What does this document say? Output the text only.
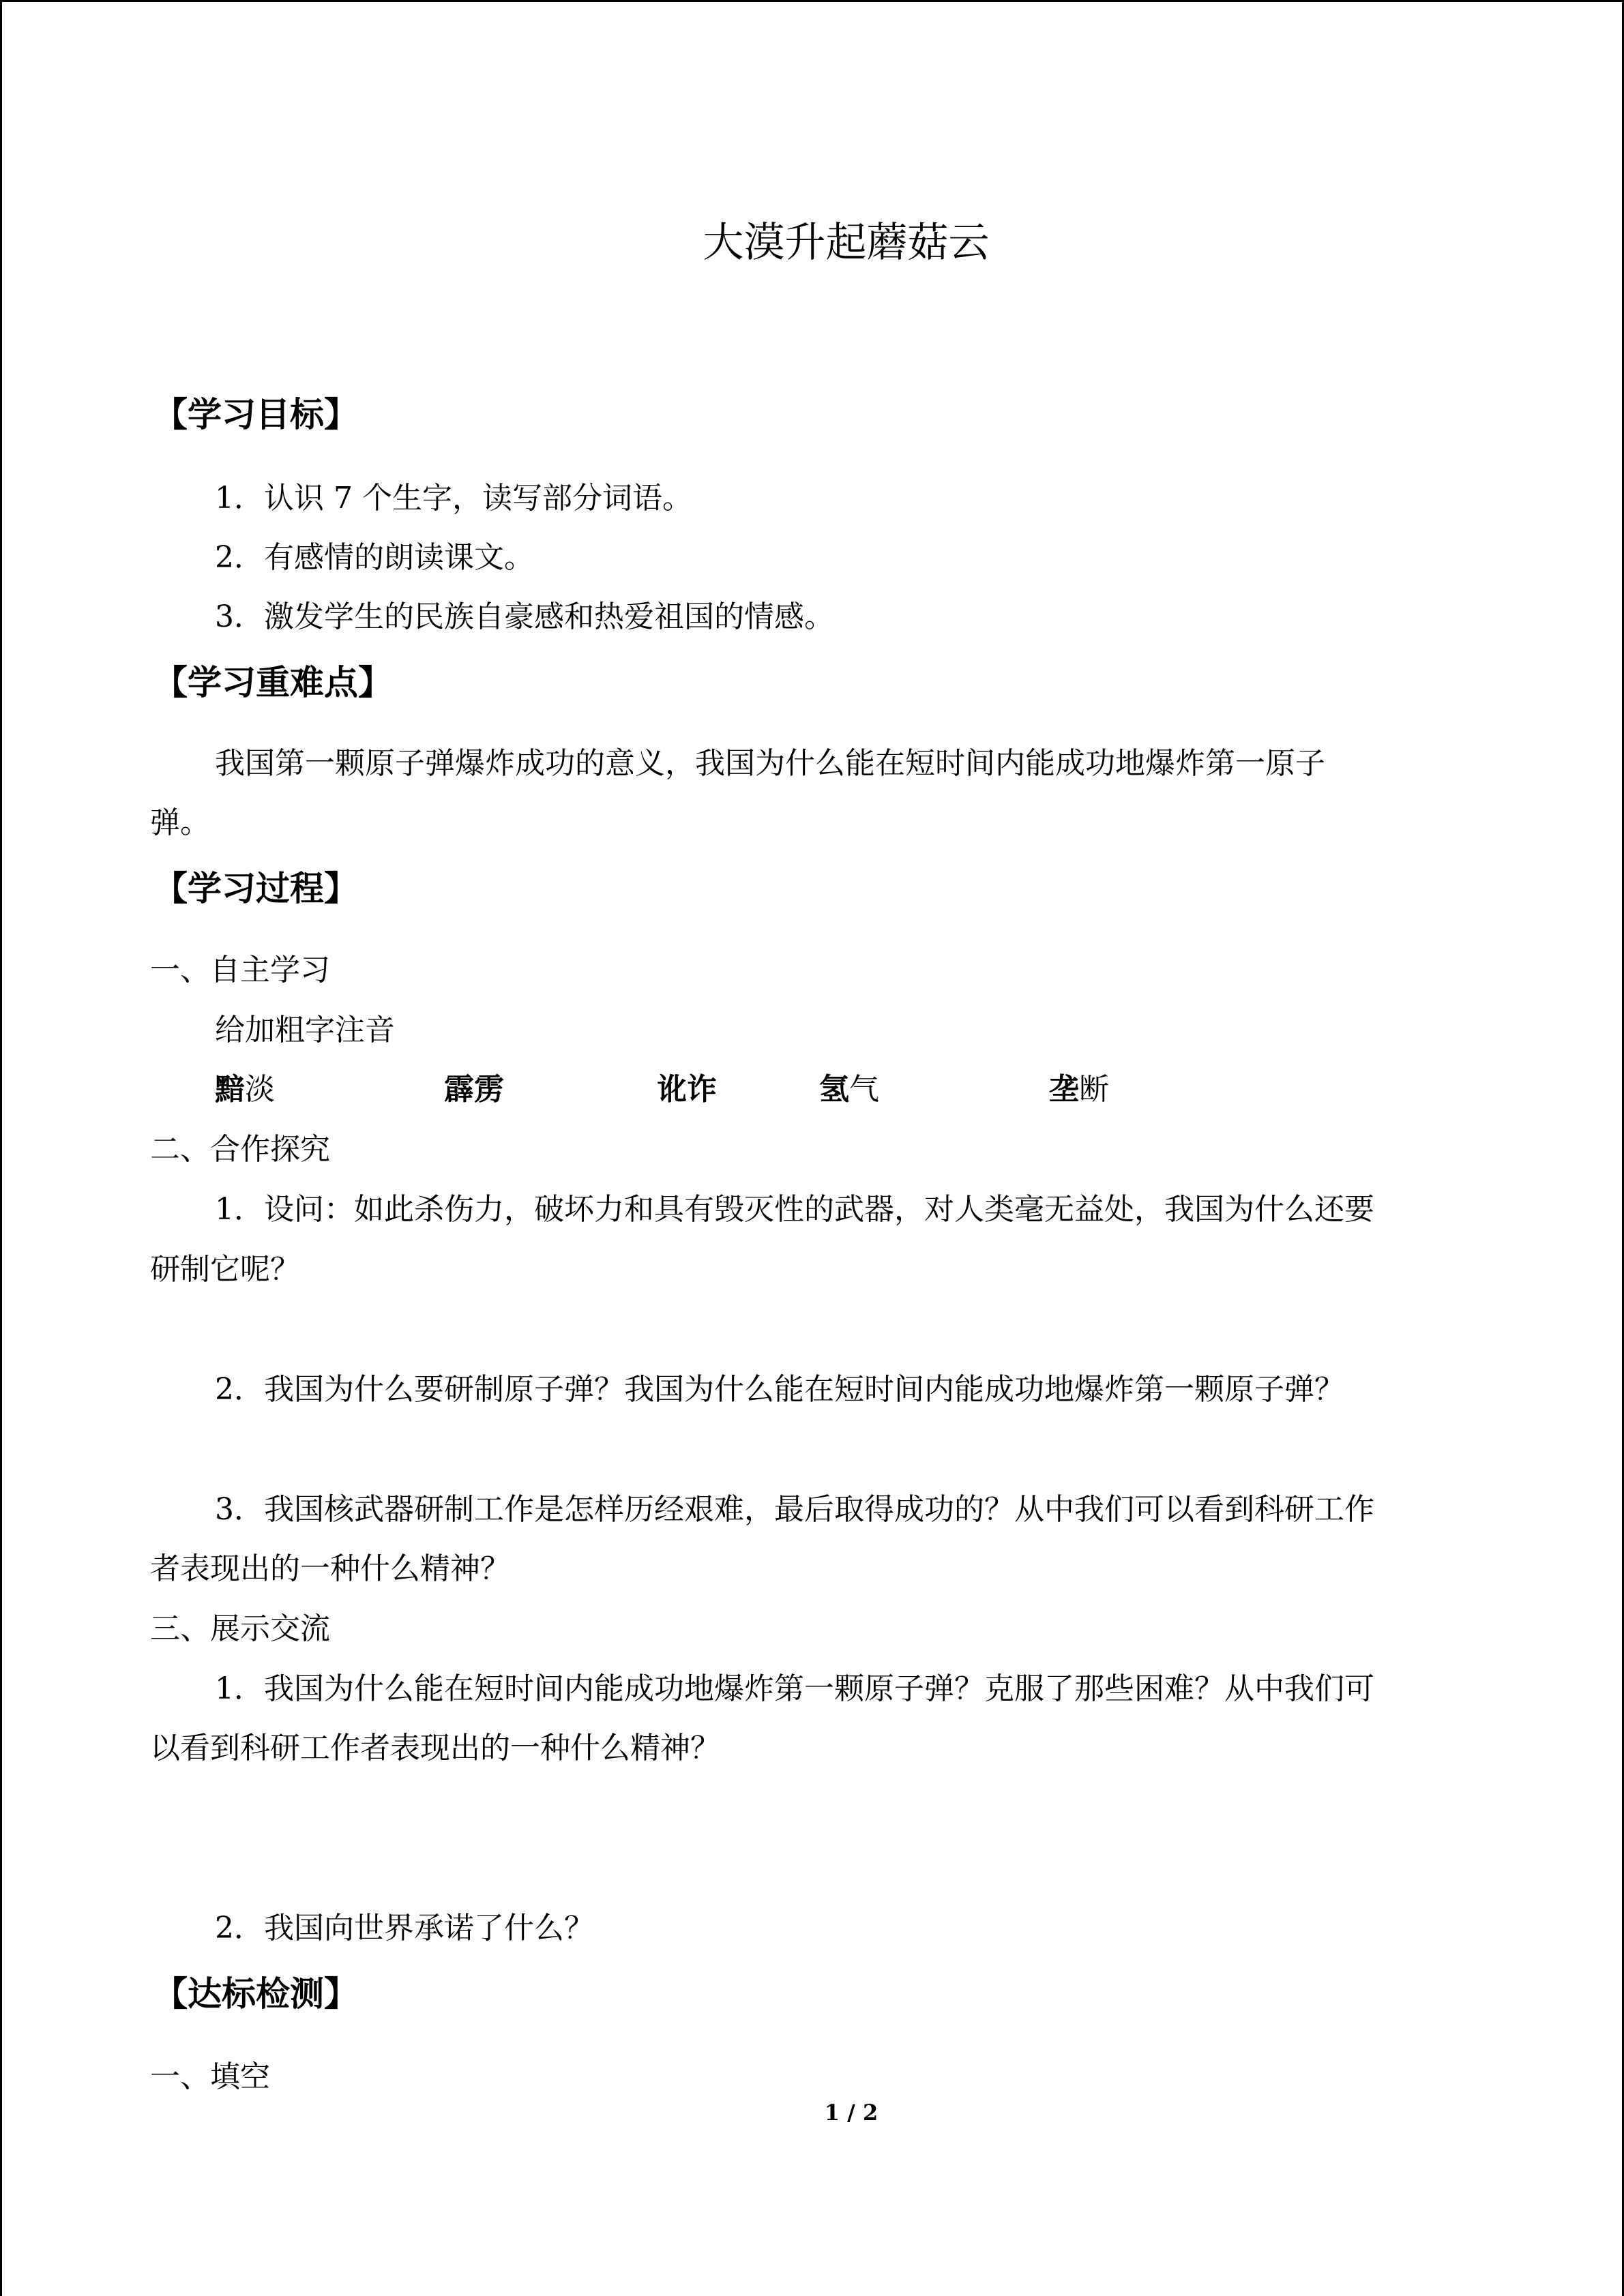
大漠升起蘑菇云
【学习目标】
1．认识 7 个生字，读写部分词语。
2．有感情的朗读课文。
3．激发学生的民族自豪感和热爱祖国的情感。
【学习重难点】
我国第一颗原子弹爆炸成功的意义，我国为什么能在短时间内能成功地爆炸第一原子
弹。
【学习过程】
一、自主学习
给加粗字注音
黯淡	霹雳	讹诈	氢气	垄断
二、合作探究
1．设问：如此杀伤力，破坏力和具有毁灭性的武器，对人类毫无益处，我国为什么还要
研制它呢？
2．我国为什么要研制原子弹？我国为什么能在短时间内能成功地爆炸第一颗原子弹？
3．我国核武器研制工作是怎样历经艰难，最后取得成功的？从中我们可以看到科研工作
者表现出的一种什么精神？
三、展示交流
1．我国为什么能在短时间内能成功地爆炸第一颗原子弹？克服了那些困难？从中我们可
以看到科研工作者表现出的一种什么精神？
2．我国向世界承诺了什么？
【达标检测】
一、填空
1 / 2
